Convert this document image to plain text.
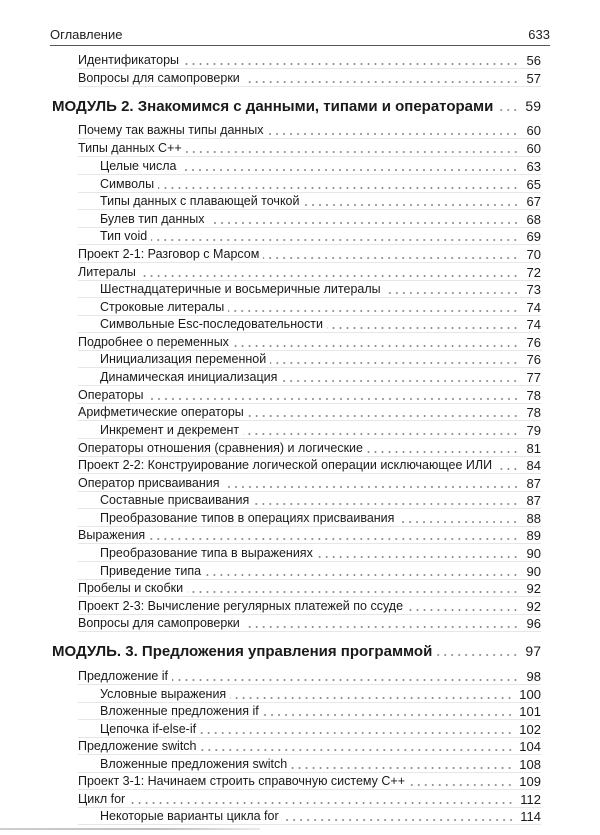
Оглавление	633
Идентификаторы	56
Вопросы для самопроверки	57
МОДУЛЬ 2. Знакомимся с данными, типами и операторами 59
Почему так важны типы данных	60
Типы данных С++	60
Целые числа	63
Символы	65
Типы данных с плавающей точкой	67
Булев тип данных	68
Тип void	69
Проект 2-1: Разговор с Марсом	70
Литералы	72
Шестнадцатеричные и восьмеричные литералы	73
Строковые литералы	74
Символьные Esc-последовательности	74
Подробнее о переменных	76
Инициализация переменной	76
Динамическая инициализация	77
Операторы	78
Арифметические операторы	78
Инкремент и декремент	79
Операторы отношения (сравнения) и логические	81
Проект 2-2: Конструирование логической операции исключающее ИЛИ	84
Оператор присваивания	87
Составные присваивания	87
Преобразование типов в операциях присваивания	88
Выражения	89
Преобразование типа в выражениях	90
Приведение типа	90
Пробелы и скобки	92
Проект 2-3: Вычисление регулярных платежей по ссуде	92
Вопросы для самопроверки	96
МОДУЛЬ. 3. Предложения управления программой	97
Предложение if	98
Условные выражения	100
Вложенные предложения if	101
Цепочка if-else-if	102
Предложение switch	104
Вложенные предложения switch	108
Проект 3-1: Начинаем строить справочную систему С++	109
Цикл for	112
Некоторые варианты цикла for	114
